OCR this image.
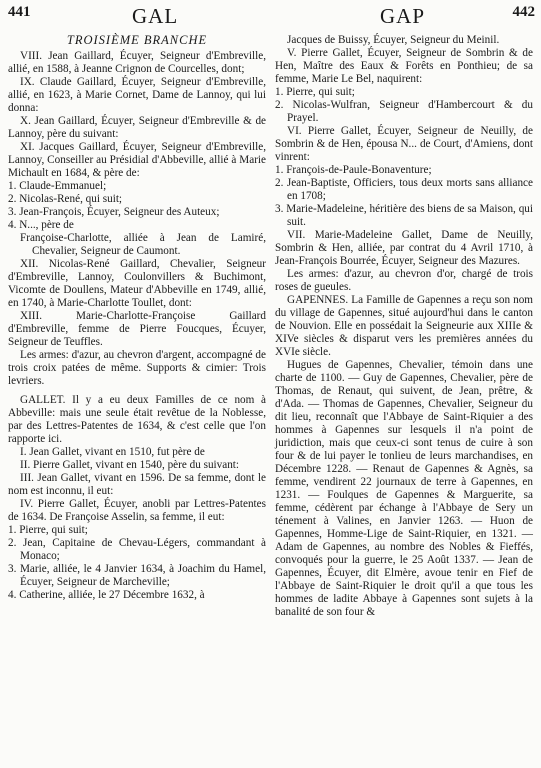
441	GAL	GAP	442

TROISIÈME BRANCHE

VIII. Jean Gaillard, Écuyer, Seigneur d'Embreville, allié, en 1588, à Jeanne Crignon de Courcelles, dont;

IX. Claude Gaillard, Écuyer, Seigneur d'Embreville, allié, en 1623, à Marie Cornet, Dame de Lannoy, qui lui donna:

X. Jean Gaillard, Écuyer, Seigneur d'Embreville & de Lannoy, père du suivant:

XI. Jacques Gaillard, Écuyer, Seigneur d'Embreville, Lannoy, Conseiller au Présidial d'Abbeville, allié à Marie Michault en 1684, & père de:

1. Claude-Emmanuel;

2. Nicolas-René, qui suit;

3. Jean-François, Écuyer, Seigneur des Auteux;

4. N..., père de

Françoise-Charlotte, alliée à Jean de Lamiré, Chevalier, Seigneur de Caumont.

XII. Nicolas-René Gaillard, Chevalier, Seigneur d'Embreville, Lannoy, Coulonvillers & Buchimont, Vicomte de Doullens, Mateur d'Abbeville en 1749, allié, en 1740, à Marie-Charlotte Toullet, dont:

XIII. Marie-Charlotte-Françoise Gaillard d'Embreville, femme de Pierre Foucques, Écuyer, Seigneur de Teuffles.

Les armes: d'azur, au chevron d'argent, accompagné de trois croix patées de même. Supports & cimier: Trois levriers.

GALLET. Il y a eu deux Familles de ce nom à Abbeville: mais une seule était revêtue de la Noblesse, par des Lettres-Patentes de 1634, & c'est celle que l'on rapporte ici.

I. Jean Gallet, vivant en 1510, fut père de

II. Pierre Gallet, vivant en 1540, père du suivant:

III. Jean Gallet, vivant en 1596. De sa femme, dont le nom est inconnu, il eut:

IV. Pierre Gallet, Écuyer, anobli par Lettres-Patentes de 1634. De Françoise Asselin, sa femme, il eut:

1. Pierre, qui suit;

2. Jean, Capitaine de Chevau-Légers, commandant à Monaco;

3. Marie, alliée, le 4 Janvier 1634, à Joachim du Hamel, Écuyer, Seigneur de Marcheville;

4. Catherine, alliée, le 27 Décembre 1632, à

Jacques de Buissy, Écuyer, Seigneur du Meinil.

V. Pierre Gallet, Écuyer, Seigneur de Sombrin & de Hen, Maître des Eaux & Forêts en Ponthieu; de sa femme, Marie Le Bel, naquirent:

1. Pierre, qui suit;

2. Nicolas-Wulfran, Seigneur d'Hambercourt & du Prayel.

VI. Pierre Gallet, Écuyer, Seigneur de Neuilly, de Sombrin & de Hen, épousa N... de Court, d'Amiens, dont vinrent:

1. François-de-Paule-Bonaventure;

2. Jean-Baptiste, Officiers, tous deux morts sans alliance en 1708;

3. Marie-Madeleine, héritière des biens de sa Maison, qui suit.

VII. Marie-Madeleine Gallet, Dame de Neuilly, Sombrin & Hen, alliée, par contrat du 4 Avril 1710, à Jean-François Bourrée, Écuyer, Seigneur des Mazures.

Les armes: d'azur, au chevron d'or, chargé de trois roses de gueules.

GAPENNES. La Famille de Gapennes a reçu son nom du village de Gapennes, situé aujourd'hui dans le canton de Nouvion. Elle en possédait la Seigneurie aux XIIIe & XIVe siècles & disparut vers les premières années du XVIe siècle.

Hugues de Gapennes, Chevalier, témoin dans une charte de 1100. — Guy de Gapennes, Chevalier, père de Thomas, de Renaut, qui suivent, de Jean, prêtre, & d'Ada. — Thomas de Gapennes, Chevalier, Seigneur du dit lieu, reconnaît que l'Abbaye de Saint-Riquier a des hommes à Gapennes sur lesquels il n'a point de juridiction, mais que ceux-ci sont tenus de cuire à son four & de lui payer le tonlieu de leurs marchandises, en Décembre 1228. — Renaut de Gapennes & Agnès, sa femme, vendirent 22 journaux de terre à Gapennes, en 1231. — Foulques de Gapennes & Marguerite, sa femme, cédèrent par échange à l'Abbaye de Sery un ténement à Valines, en Janvier 1263. — Huon de Gapennes, Homme-Lige de Saint-Riquier, en 1321. — Adam de Gapennes, au nombre des Nobles & Fieffés, convoqués pour la guerre, le 25 Août 1337. — Jean de Gapennes, Écuyer, dit Elmère, avoue tenir en Fief de l'Abbaye de Saint-Riquier le droit qu'il a que tous les hommes de ladite Abbaye à Gapennes sont sujets à la banalité de son four &
